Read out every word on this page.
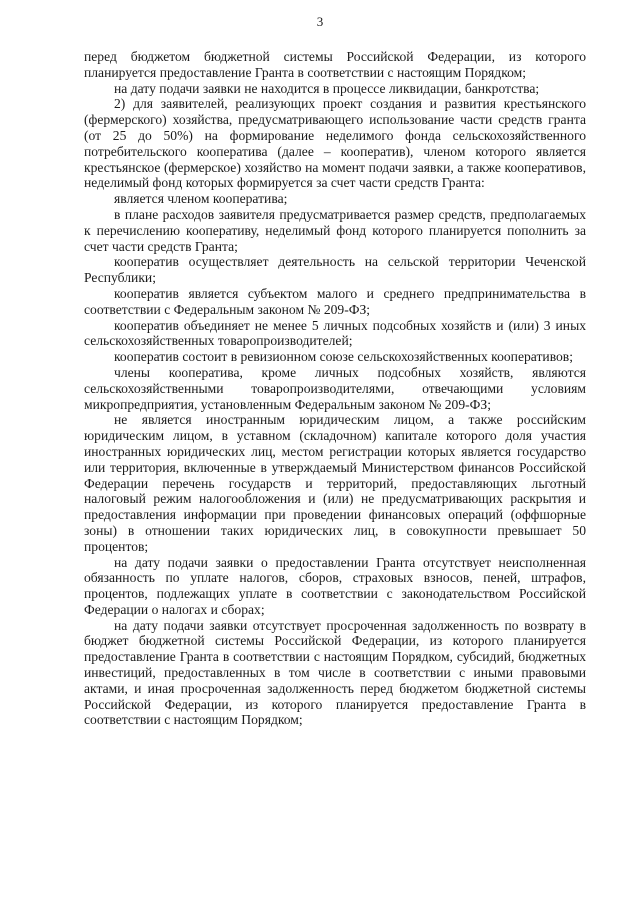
3

перед бюджетом бюджетной системы Российской Федерации, из которого планируется предоставление Гранта в соответствии с настоящим Порядком;

на дату подачи заявки не находится в процессе ликвидации, банкротства;

2) для заявителей, реализующих проект создания и развития крестьянского (фермерского) хозяйства, предусматривающего использование части средств гранта (от 25 до 50%) на формирование неделимого фонда сельскохозяйственного потребительского кооператива (далее – кооператив), членом которого является крестьянское (фермерское) хозяйство на момент подачи заявки, а также кооперативов, неделимый фонд которых формируется за счет части средств Гранта:

является членом кооператива;

в плане расходов заявителя предусматривается размер средств, предполагаемых к перечислению кооперативу, неделимый фонд которого планируется пополнить за счет части средств Гранта;

кооператив осуществляет деятельность на сельской территории Чеченской Республики;

кооператив является субъектом малого и среднего предпринимательства в соответствии с Федеральным законом № 209-ФЗ;

кооператив объединяет не менее 5 личных подсобных хозяйств и (или) 3 иных сельскохозяйственных товаропроизводителей;

кооператив состоит в ревизионном союзе сельскохозяйственных кооперативов;

члены кооператива, кроме личных подсобных хозяйств, являются сельскохозяйственными товаропроизводителями, отвечающими условиям микропредприятия, установленным Федеральным законом № 209-ФЗ;

не является иностранным юридическим лицом, а также российским юридическим лицом, в уставном (складочном) капитале которого доля участия иностранных юридических лиц, местом регистрации которых является государство или территория, включенные в утверждаемый Министерством финансов Российской Федерации перечень государств и территорий, предоставляющих льготный налоговый режим налогообложения и (или) не предусматривающих раскрытия и предоставления информации при проведении финансовых операций (оффшорные зоны) в отношении таких юридических лиц, в совокупности превышает 50 процентов;

на дату подачи заявки о предоставлении Гранта отсутствует неисполненная обязанность по уплате налогов, сборов, страховых взносов, пеней, штрафов, процентов, подлежащих уплате в соответствии с законодательством Российской Федерации о налогах и сборах;

на дату подачи заявки отсутствует просроченная задолженность по возврату в бюджет бюджетной системы Российской Федерации, из которого планируется предоставление Гранта в соответствии с настоящим Порядком, субсидий, бюджетных инвестиций, предоставленных в том числе в соответствии с иными правовыми актами, и иная просроченная задолженность перед бюджетом бюджетной системы Российской Федерации, из которого планируется предоставление Гранта в соответствии с настоящим Порядком;
